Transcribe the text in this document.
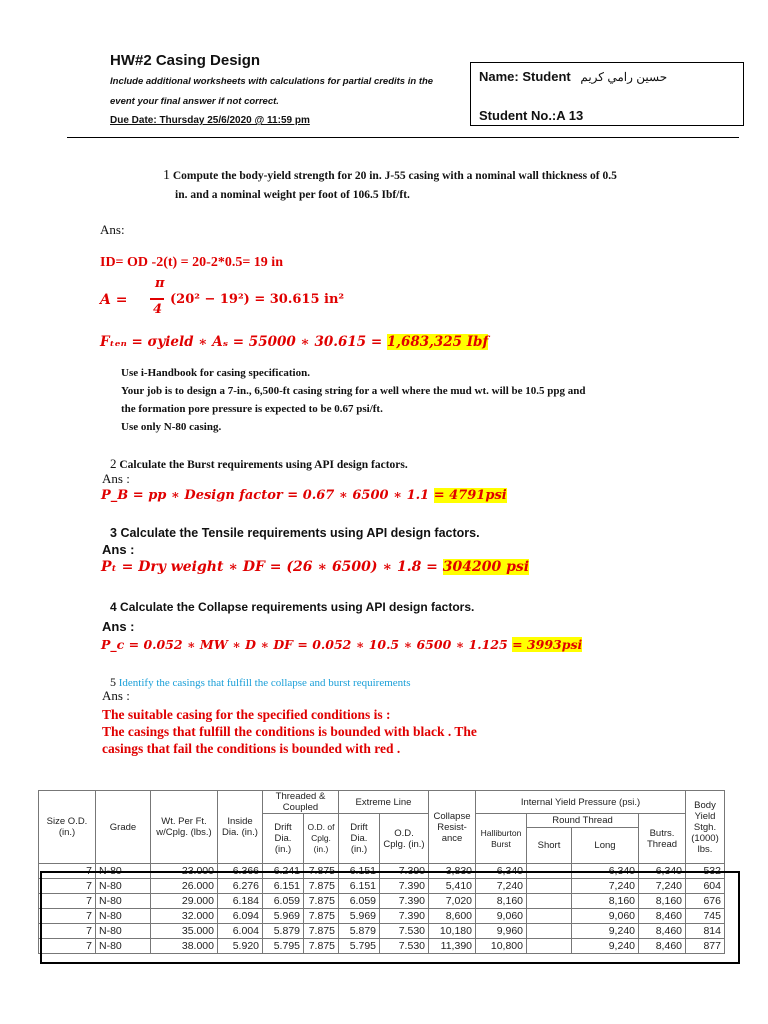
HW#2 Casing Design
Include additional worksheets with calculations for partial credits in the
event your final answer if not correct.
Due Date: Thursday 25/6/2020 @ 11:59 pm
Name: Student حسين رامي كريم
Student No.:A 13
1 Compute the body-yield strength for 20 in. J-55 casing with a nominal wall thickness of 0.5
in. and a nominal weight per foot of 106.5 Ibf/ft.
Ans:
ID= OD -2(t) = 20-2*0.5= 19 in
A =
π
4
(20² − 19²) = 30.615 in²
Fₜₑₙ = σyield ∗ Aₛ = 55000 ∗ 30.615 = 1,683,325 Ibf
Use i-Handbook for casing specification.
Your job is to design a 7-in., 6,500-ft casing string for a well where the mud wt. will be 10.5 ppg and
the formation pore pressure is expected to be 0.67 psi/ft.
Use only N-80 casing.
2 Calculate the Burst requirements using API design factors.
Ans :
P_B = pp ∗ Design factor = 0.67 ∗ 6500 ∗ 1.1 = 4791psi
3 Calculate the Tensile requirements using API design factors.
Ans :
Pₜ = Dry weight ∗ DF = (26 ∗ 6500) ∗ 1.8 = 304200 psi
4 Calculate the Collapse requirements using API design factors.
Ans :
P_c = 0.052 ∗ MW ∗ D ∗ DF = 0.052 ∗ 10.5 ∗ 6500 ∗ 1.125 = 3993psi
5 Identify the casings that fulfill the collapse and burst requirements
Ans :
The suitable casing for the specified conditions is :
The casings that fulfill the conditions is bounded with black . The
casings that fail the conditions is bounded with red .
Size O.D. (in.)	Grade	Wt. Per Ft. w/Cplg. (lbs.)	Inside Dia. (in.)	Threaded & Coupled		Extreme Line		Collapse Resist- ance	Internal Yield Pressure (psi.)				Body Yield Stgh. (1000) lbs.
				Drift Dia. (in.)	O.D. of Cplg. (in.)	Drift Dia. (in.)	O.D. Cplg. (in.)		Halliburton Burst	Round Thread		Butrs. Thread	
										Short	Long		
7	N-80	23.000	6.366	6.241	7.875	6.151	7.390	3,830	6,340		6,340	6,340	532
7	N-80	26.000	6.276	6.151	7.875	6.151	7.390	5,410	7,240		7,240	7,240	604
7	N-80	29.000	6.184	6.059	7.875	6.059	7.390	7,020	8,160		8,160	8,160	676
7	N-80	32.000	6.094	5.969	7.875	5.969	7.390	8,600	9,060		9,060	8,460	745
7	N-80	35.000	6.004	5.879	7.875	5.879	7.530	10,180	9,960		9,240	8,460	814
7	N-80	38.000	5.920	5.795	7.875	5.795	7.530	11,390	10,800		9,240	8,460	877
